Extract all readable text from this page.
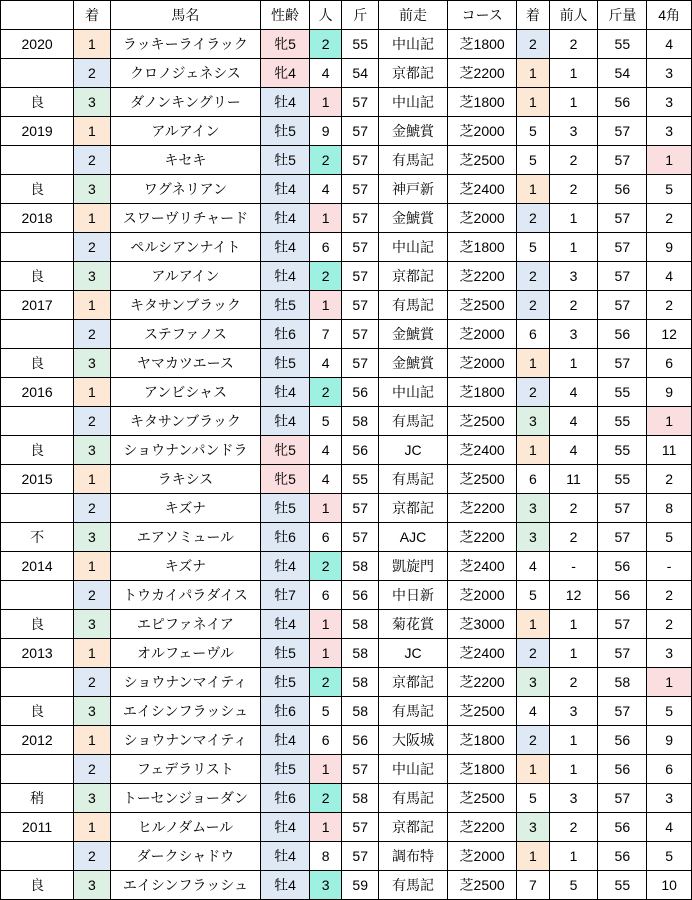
	着	馬名	性齢	人	斤	前走	コース	着	前人	斤量	4角
2020	1	ラッキーライラック	牝5	2	55	中山記	芝1800	2	2	55	4
	2	クロノジェネシス	牝4	4	54	京都記	芝2200	1	1	54	3
良	3	ダノンキングリー	牡4	1	57	中山記	芝1800	1	1	56	3
2019	1	アルアイン	牡5	9	57	金鯱賞	芝2000	5	3	57	3
	2	キセキ	牡5	2	57	有馬記	芝2500	5	2	57	1
良	3	ワグネリアン	牡4	4	57	神戸新	芝2400	1	2	56	5
2018	1	スワーヴリチャード	牡4	1	57	金鯱賞	芝2000	2	1	57	2
	2	ペルシアンナイト	牡4	6	57	中山記	芝1800	5	1	57	9
良	3	アルアイン	牡4	2	57	京都記	芝2200	2	3	57	4
2017	1	キタサンブラック	牡5	1	57	有馬記	芝2500	2	2	57	2
	2	ステファノス	牡6	7	57	金鯱賞	芝2000	6	3	56	12
良	3	ヤマカツエース	牡5	4	57	金鯱賞	芝2000	1	1	57	6
2016	1	アンビシャス	牡4	2	56	中山記	芝1800	2	4	55	9
	2	キタサンブラック	牡4	5	58	有馬記	芝2500	3	4	55	1
良	3	ショウナンパンドラ	牝5	4	56	JC	芝2400	1	4	55	11
2015	1	ラキシス	牝5	4	55	有馬記	芝2500	6	11	55	2
	2	キズナ	牡5	1	57	京都記	芝2200	3	2	57	8
不	3	エアソミュール	牡6	6	57	AJC	芝2200	3	2	57	5
2014	1	キズナ	牡4	2	58	凱旋門	芝2400	4	-	56	-
	2	トウカイパラダイス	牡7	6	56	中日新	芝2000	5	12	56	2
良	3	エピファネイア	牡4	1	58	菊花賞	芝3000	1	1	57	2
2013	1	オルフェーヴル	牡5	1	58	JC	芝2400	2	1	57	3
	2	ショウナンマイティ	牡5	2	58	京都記	芝2200	3	2	58	1
良	3	エイシンフラッシュ	牡6	5	58	有馬記	芝2500	4	3	57	5
2012	1	ショウナンマイティ	牡4	6	56	大阪城	芝1800	2	1	56	9
	2	フェデラリスト	牡5	1	57	中山記	芝1800	1	1	56	6
稍	3	トーセンジョーダン	牡6	2	58	有馬記	芝2500	5	3	57	3
2011	1	ヒルノダムール	牡4	1	57	京都記	芝2200	3	2	56	4
	2	ダークシャドウ	牡4	8	57	調布特	芝2000	1	1	56	5
良	3	エイシンフラッシュ	牡4	3	59	有馬記	芝2500	7	5	55	10
